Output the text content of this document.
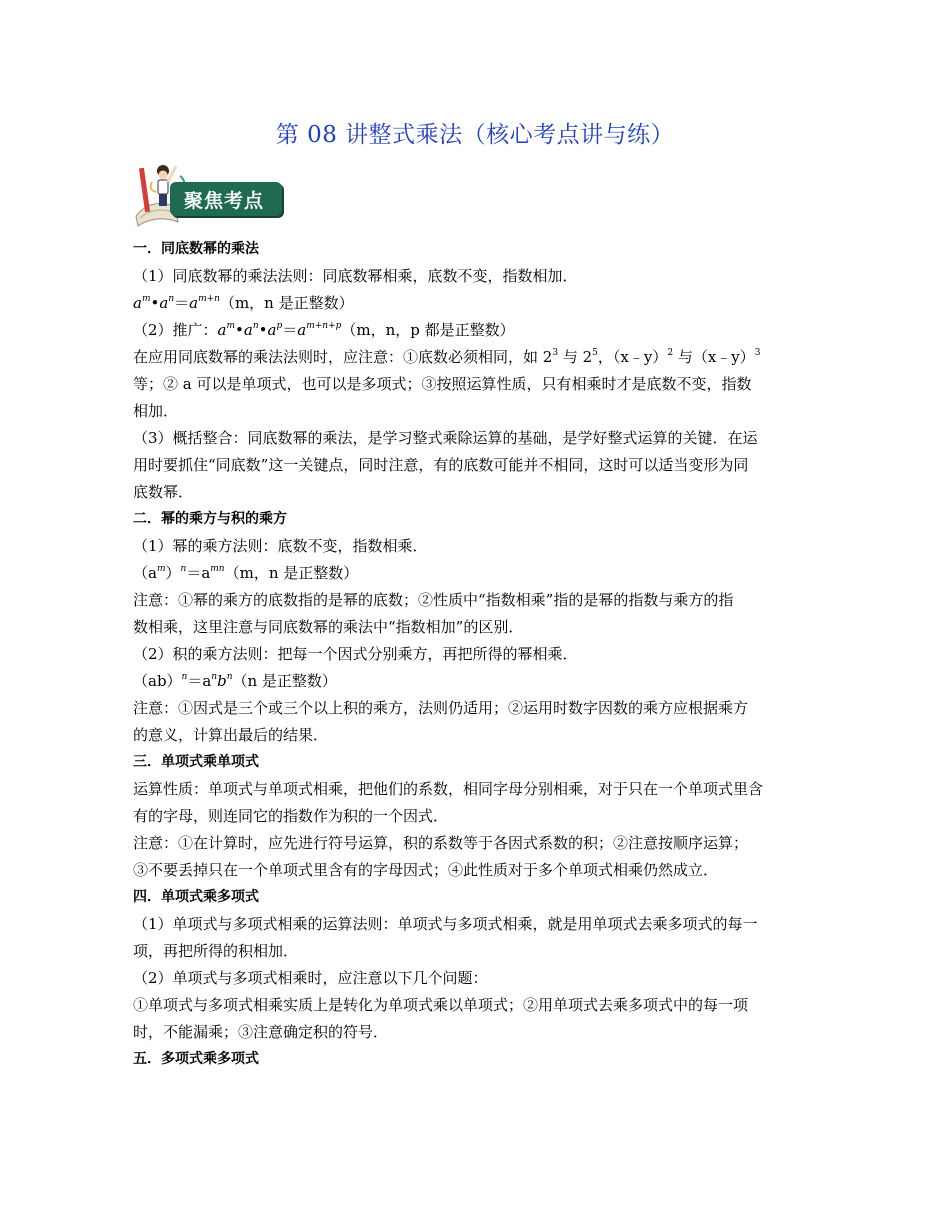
第 08 讲整式乘法（核心考点讲与练）
聚焦考点
一．同底数幂的乘法
（1）同底数幂的乘法法则：同底数幂相乘，底数不变，指数相加．
$a^m•a^n=a^{m+n}(m$，n 是正整数）
（2）推广：$a^m•a^n•a^p=a^{m+n+p}(m$，n，p 都是正整数）
在应用同底数幂的乘法法则时，应注意：①底数必须相同，如 $2^3$ 与 $2^5$，（x﹣y）$^2$ 与（x﹣y）$^3$
等；② a 可以是单项式，也可以是多项式；③按照运算性质，只有相乘时才是底数不变，指数
相加．
（3）概括整合：同底数幂的乘法，是学习整式乘除运算的基础，是学好整式运算的关键．在运
用时要抓住“同底数”这一关键点，同时注意，有的底数可能并不相同，这时可以适当变形为同
底数幂．
二．幂的乘方与积的乘方
（1）幂的乘方法则：底数不变，指数相乘．
$(a^m)^n=a^{mn}(m$，n 是正整数）
注意：①幂的乘方的底数指的是幂的底数；②性质中“指数相乘”指的是幂的指数与乘方的指
数相乘，这里注意与同底数幂的乘法中“指数相加”的区别．
（2）积的乘方法则：把每一个因式分别乘方，再把所得的幂相乘．
$(ab)^n=a^nb^n(n$ 是正整数）
注意：①因式是三个或三个以上积的乘方，法则仍适用；②运用时数字因数的乘方应根据乘方
的意义，计算出最后的结果．
三．单项式乘单项式
运算性质：单项式与单项式相乘，把他们的系数，相同字母分别相乘，对于只在一个单项式里含
有的字母，则连同它的指数作为积的一个因式．
注意：①在计算时，应先进行符号运算，积的系数等于各因式系数的积；②注意按顺序运算；
③不要丢掉只在一个单项式里含有的字母因式；④此性质对于多个单项式相乘仍然成立．
四．单项式乘多项式
（1）单项式与多项式相乘的运算法则：单项式与多项式相乘，就是用单项式去乘多项式的每一
项，再把所得的积相加．
（2）单项式与多项式相乘时，应注意以下几个问题：
①单项式与多项式相乘实质上是转化为单项式乘以单项式；②用单项式去乘多项式中的每一项
时，不能漏乘；③注意确定积的符号．
五．多项式乘多项式
